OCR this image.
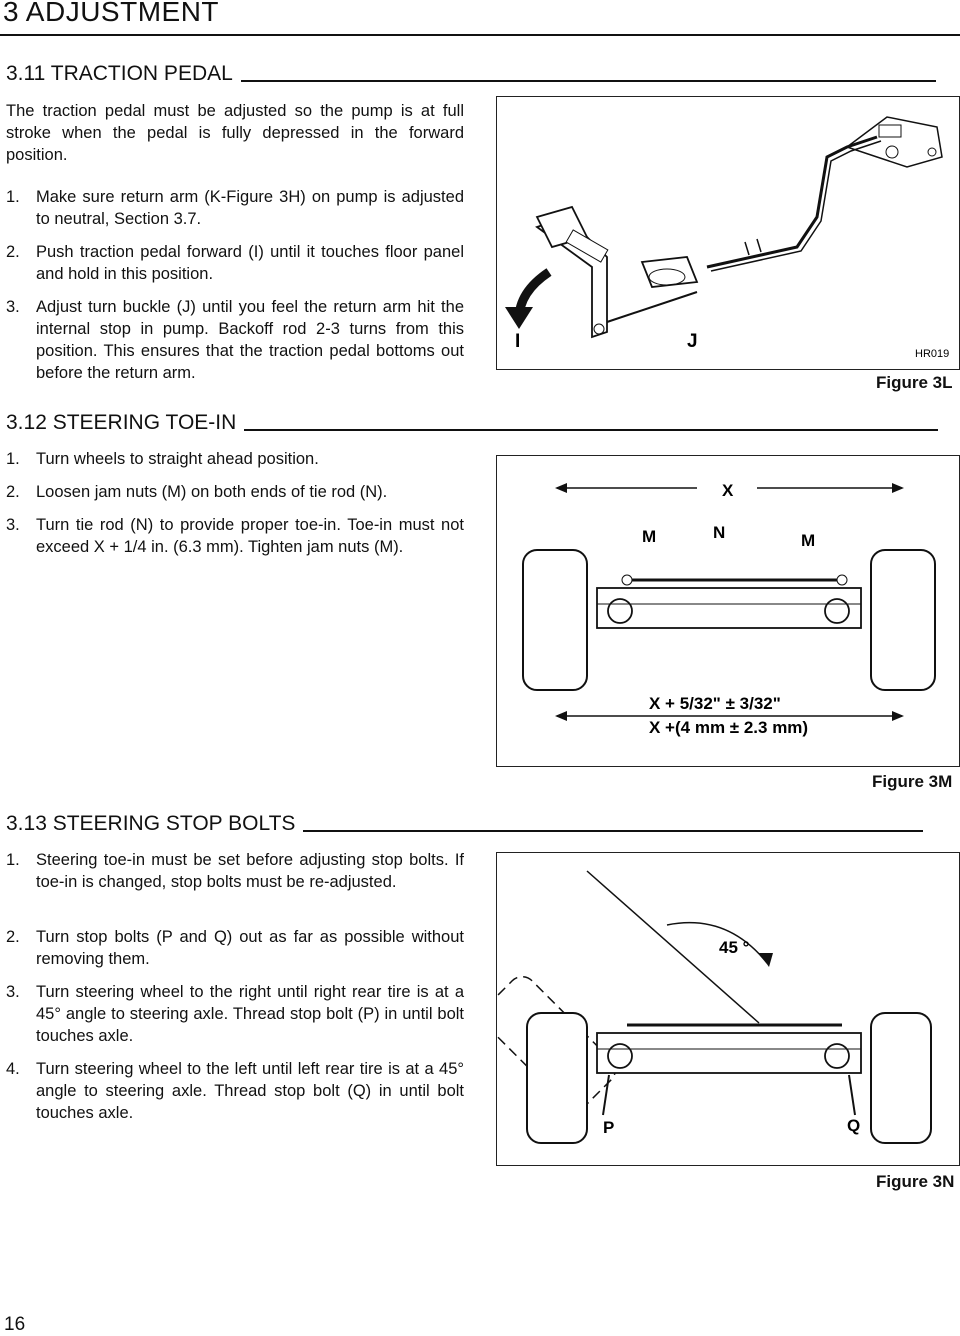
3 ADJUSTMENT
3.11 TRACTION PEDAL
The traction pedal must be adjusted so the pump is at full stroke when the pedal is fully depressed in the forward position.
1. Make sure return arm (K-Figure 3H) on pump is adjusted to neutral, Section 3.7.
2. Push traction pedal forward (I) until it touches floor panel and hold in this position.
3. Adjust turn buckle (J) until you feel the return arm hit the internal stop in pump. Backoff rod 2-3 turns from this position. This ensures that the traction pedal bottoms out before the return arm.
3.12 STEERING TOE-IN
1. Turn wheels to straight ahead position.
2. Loosen jam nuts (M) on both ends of tie rod (N).
3. Turn tie rod (N) to provide proper toe-in. Toe-in must not exceed X + 1/4 in. (6.3 mm). Tighten jam nuts (M).
3.13 STEERING STOP BOLTS
1. Steering toe-in must be set before adjusting stop bolts. If toe-in is changed, stop bolts must be re-adjusted.
2. Turn stop bolts (P and Q) out as far as possible without removing them.
3. Turn steering wheel to the right until right rear tire is at a 45° angle to steering axle. Thread stop bolt (P) in until bolt touches axle.
4. Turn steering wheel to the left until left rear tire is at a 45° angle to steering axle. Thread stop bolt (Q) in until bolt touches axle.
I	J
HR019
Figure 3L
X
M	N	M
X + 5/32" ± 3/32"
X +(4 mm ± 2.3 mm)
Figure 3M
45 °
P	Q
Figure 3N
16
